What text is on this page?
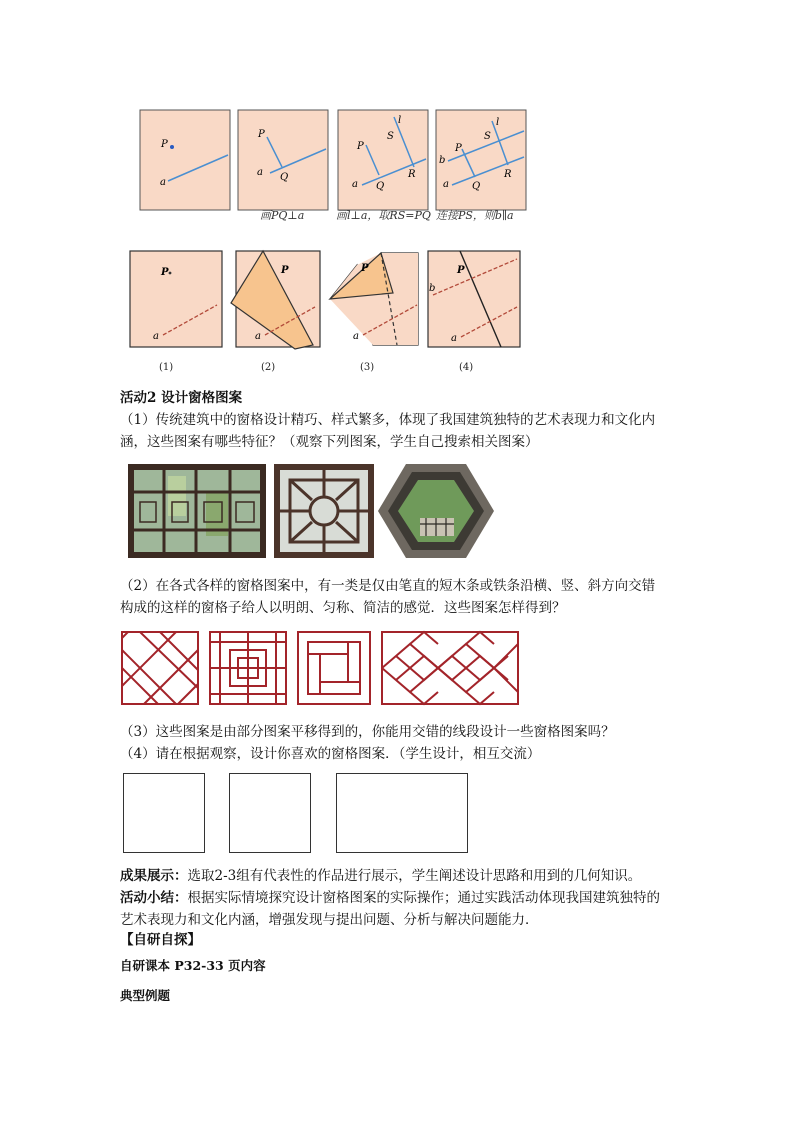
P
a
P
a Q
P
S
l
a Q
R
P
S
l
b
a Q
R
画PQ⊥a	画l⊥a，取RS=PQ 连接PS，则b∥a
P
a
P
a
P
a
P
b
a
(1)	(2)	(3)	(4)
活动2 设计窗格图案
（1）传统建筑中的窗格设计精巧、样式繁多，体现了我国建筑独特的艺术表现力和文化内
涵，这些图案有哪些特征？（观察下列图案，学生自己搜索相关图案）
（2）在各式各样的窗格图案中，有一类是仅由笔直的短木条或铁条沿横、竖、斜方向交错
构成的这样的窗格子给人以明朗、匀称、简洁的感觉．这些图案怎样得到？
（3）这些图案是由部分图案平移得到的，你能用交错的线段设计一些窗格图案吗？
（4）请在根据观察，设计你喜欢的窗格图案．（学生设计，相互交流）
成果展示：选取2-3组有代表性的作品进行展示，学生阐述设计思路和用到的几何知识。
活动小结：根据实际情境探究设计窗格图案的实际操作；通过实践活动体现我国建筑独特的
艺术表现力和文化内涵，增强发现与提出问题、分析与解决问题能力．
【自研自探】
自研课本 P32-33 页内容
典型例题
